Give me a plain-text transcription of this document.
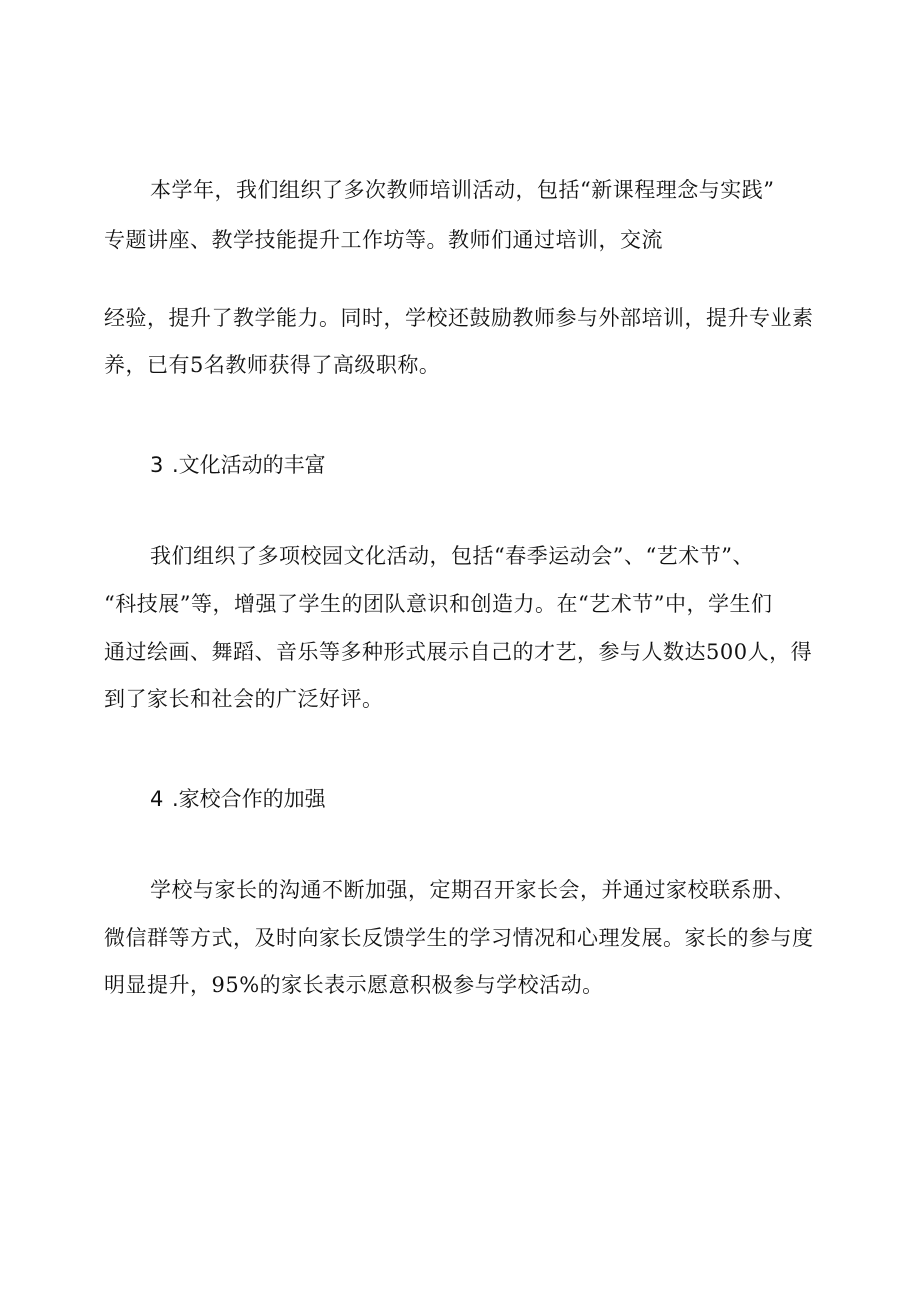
本学年，我们组织了多次教师培训活动，包括“新课程理念与实践”
专题讲座、教学技能提升工作坊等。教师们通过培训，交流
经验，提升了教学能力。同时，学校还鼓励教师参与外部培训，提升专业素
养，已有5名教师获得了高级职称。
3 .文化活动的丰富
我们组织了多项校园文化活动，包括“春季运动会”、“艺术节”、
“科技展”等，增强了学生的团队意识和创造力。在“艺术节”中，学生们
通过绘画、舞蹈、音乐等多种形式展示自己的才艺，参与人数达500人，得
到了家长和社会的广泛好评。
4 .家校合作的加强
学校与家长的沟通不断加强，定期召开家长会，并通过家校联系册、
微信群等方式，及时向家长反馈学生的学习情况和心理发展。家长的参与度
明显提升，95%的家长表示愿意积极参与学校活动。
